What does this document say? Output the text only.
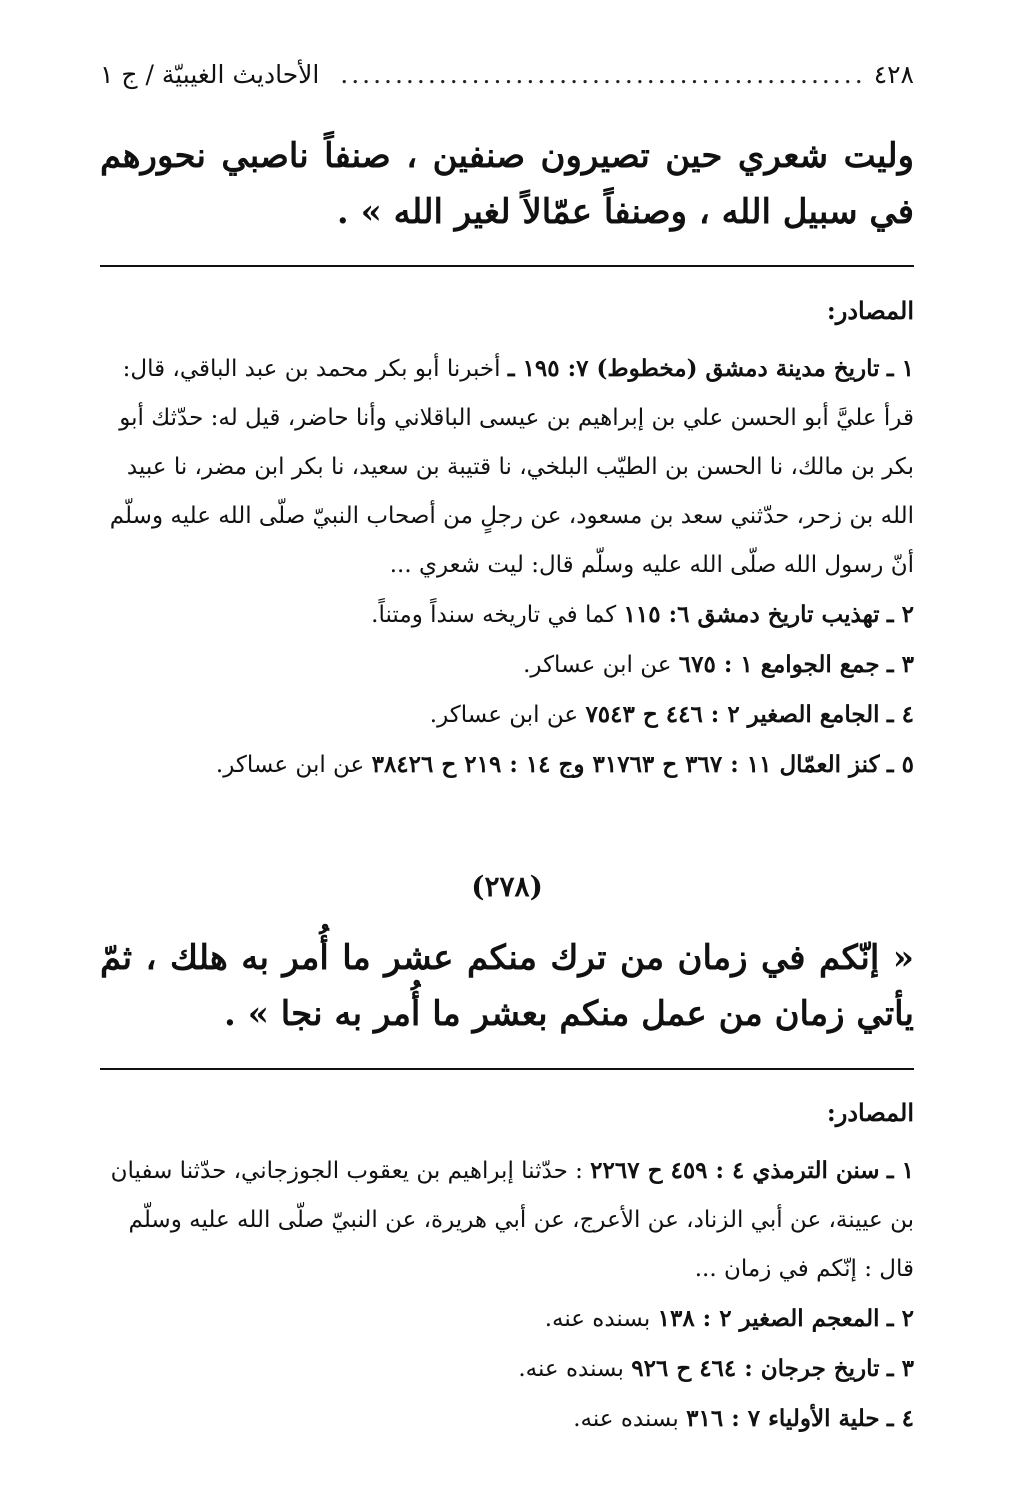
٤٢٨
................................................
الأحاديث الغيبيّة / ج ١
وليت شعري حين تصيرون صنفين ، صنفاً ناصبي نحورهم في سبيل الله ، وصنفاً عمّالاً لغير الله » .
المصادر:
١ ـ تاريخ مدينة دمشق (مخطوط) ٧: ١٩٥ ـ أخبرنا أبو بكر محمد بن عبد الباقي، قال: قرأ عليَّ أبو الحسن علي بن إبراهيم بن عيسى الباقلاني وأنا حاضر، قيل له: حدّثك أبو بكر بن مالك، نا الحسن بن الطيّب البلخي، نا قتيبة بن سعيد، نا بكر ابن مضر، نا عبيد الله بن زحر، حدّثني سعد بن مسعود، عن رجلٍ من أصحاب النبيّ صلّى الله عليه وسلّم أنّ رسول الله صلّى الله عليه وسلّم قال: ليت شعري ...
٢ ـ تهذيب تاريخ دمشق ٦: ١١٥ كما في تاريخه سنداً ومتناً.
٣ ـ جمع الجوامع ١ : ٦٧٥ عن ابن عساكر.
٤ ـ الجامع الصغير ٢ : ٤٤٦ ح ٧٥٤٣ عن ابن عساكر.
٥ ـ كنز العمّال ١١ : ٣٦٧ ح ٣١٧٦٣ وج ١٤ : ٢١٩ ح ٣٨٤٢٦ عن ابن عساكر.
(٢٧٨)
« إنّكم في زمان من ترك منكم عشر ما أُمر به هلك ، ثمّ يأتي زمان من عمل منكم بعشر ما أُمر به نجا » .
المصادر:
١ ـ سنن الترمذي ٤ : ٤٥٩ ح ٢٢٦٧ : حدّثنا إبراهيم بن يعقوب الجوزجاني، حدّثنا سفيان بن عيينة، عن أبي الزناد، عن الأعرج، عن أبي هريرة، عن النبيّ صلّى الله عليه وسلّم قال : إنّكم في زمان ...
٢ ـ المعجم الصغير ٢ : ١٣٨ بسنده عنه.
٣ ـ تاريخ جرجان : ٤٦٤ ح ٩٢٦ بسنده عنه.
٤ ـ حلية الأولياء ٧ : ٣١٦ بسنده عنه.
